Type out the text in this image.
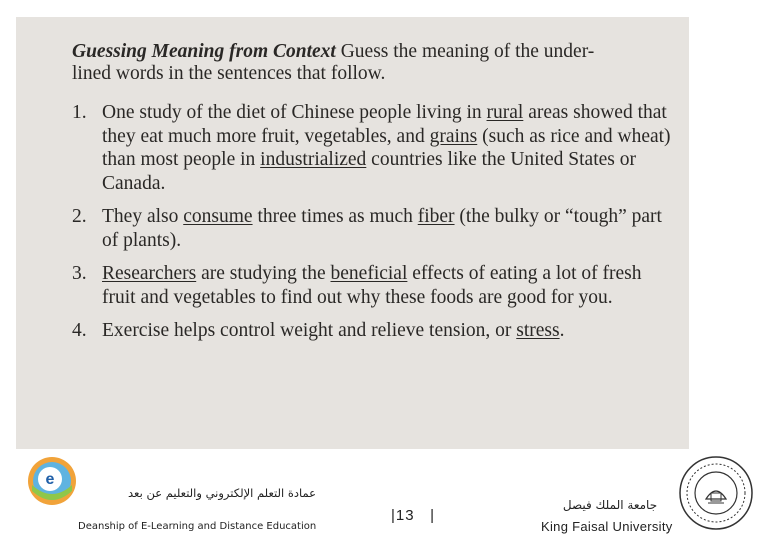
Guessing Meaning from Context Guess the meaning of the under-

lined words in the sentences that follow.

1. One study of the diet of Chinese people living in rural areas showed that they eat much more fruit, vegetables, and grains (such as rice and wheat) than most people in industrialized countries like the United States or Canada.
2. They also consume three times as much fiber (the bulky or “tough” part of plants).
3. Researchers are studying the beneficial effects of eating a lot of fresh fruit and vegetables to find out why these foods are good for you.
4. Exercise helps control weight and relieve tension, or stress.
e
عمادة التعلم الإلكتروني والتعليم عن بعد
Deanship of E-Learning and Distance Education
|13   |
جامعة الملك فيصل
King Faisal University
